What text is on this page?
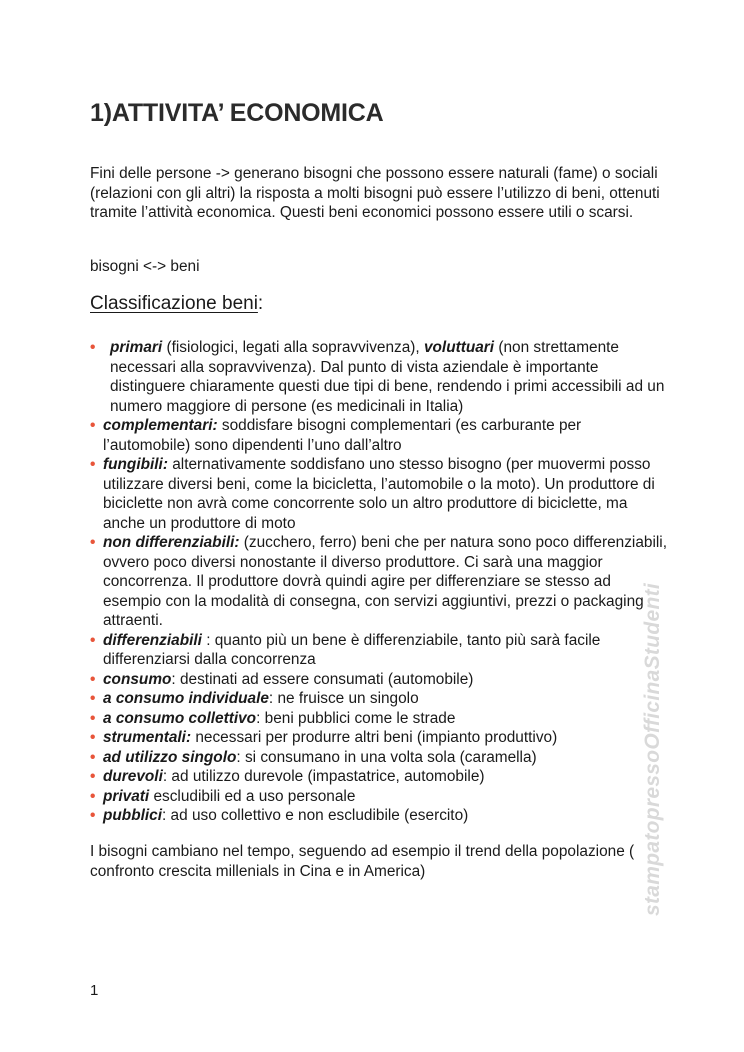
1)ATTIVITA’ ECONOMICA

Fini delle persone -> generano bisogni che possono essere naturali (fame) o sociali (relazioni con gli altri) la risposta a molti bisogni può essere l’utilizzo di beni, ottenuti tramite l’attività economica. Questi beni economici possono essere utili o scarsi.

bisogni <-> beni

Classificazione beni:
• primari (fisiologici, legati alla sopravvivenza), voluttuari (non strettamente necessari alla sopravvivenza). Dal punto di vista aziendale è importante distinguere chiaramente questi due tipi di bene, rendendo i primi accessibili ad un numero maggiore di persone (es medicinali in Italia)
• complementari: soddisfare bisogni complementari (es carburante per l’automobile) sono dipendenti l’uno dall’altro
• fungibili: alternativamente soddisfano uno stesso bisogno (per muovermi posso utilizzare diversi beni, come la bicicletta, l’automobile o la moto). Un produttore di biciclette non avrà come concorrente solo un altro produttore di biciclette, ma anche un produttore di moto
• non differenziabili: (zucchero, ferro) beni che per natura sono poco differenziabili, ovvero poco diversi nonostante il diverso produttore. Ci sarà una maggior concorrenza. Il produttore dovrà quindi agire per differenziare se stesso ad esempio con la modalità di consegna, con servizi aggiuntivi, prezzi o packaging attraenti.
• differenziabili : quanto più un bene è differenziabile, tanto più sarà facile differenziarsi dalla concorrenza
• consumo: destinati ad essere consumati (automobile)
• a consumo individuale: ne fruisce un singolo
• a consumo collettivo: beni pubblici come le strade
• strumentali: necessari per produrre altri beni (impianto produttivo)
• ad utilizzo singolo: si consumano in una volta sola (caramella)
• durevoli: ad utilizzo durevole (impastatrice, automobile)
• privati escludibili ed a uso personale
• pubblici: ad uso collettivo e non escludibile (esercito)

I bisogni cambiano nel tempo, seguendo ad esempio il trend della popolazione ( confronto crescita millenials in Cina e in America)

1
stampatopressoOfficinaStudenti
